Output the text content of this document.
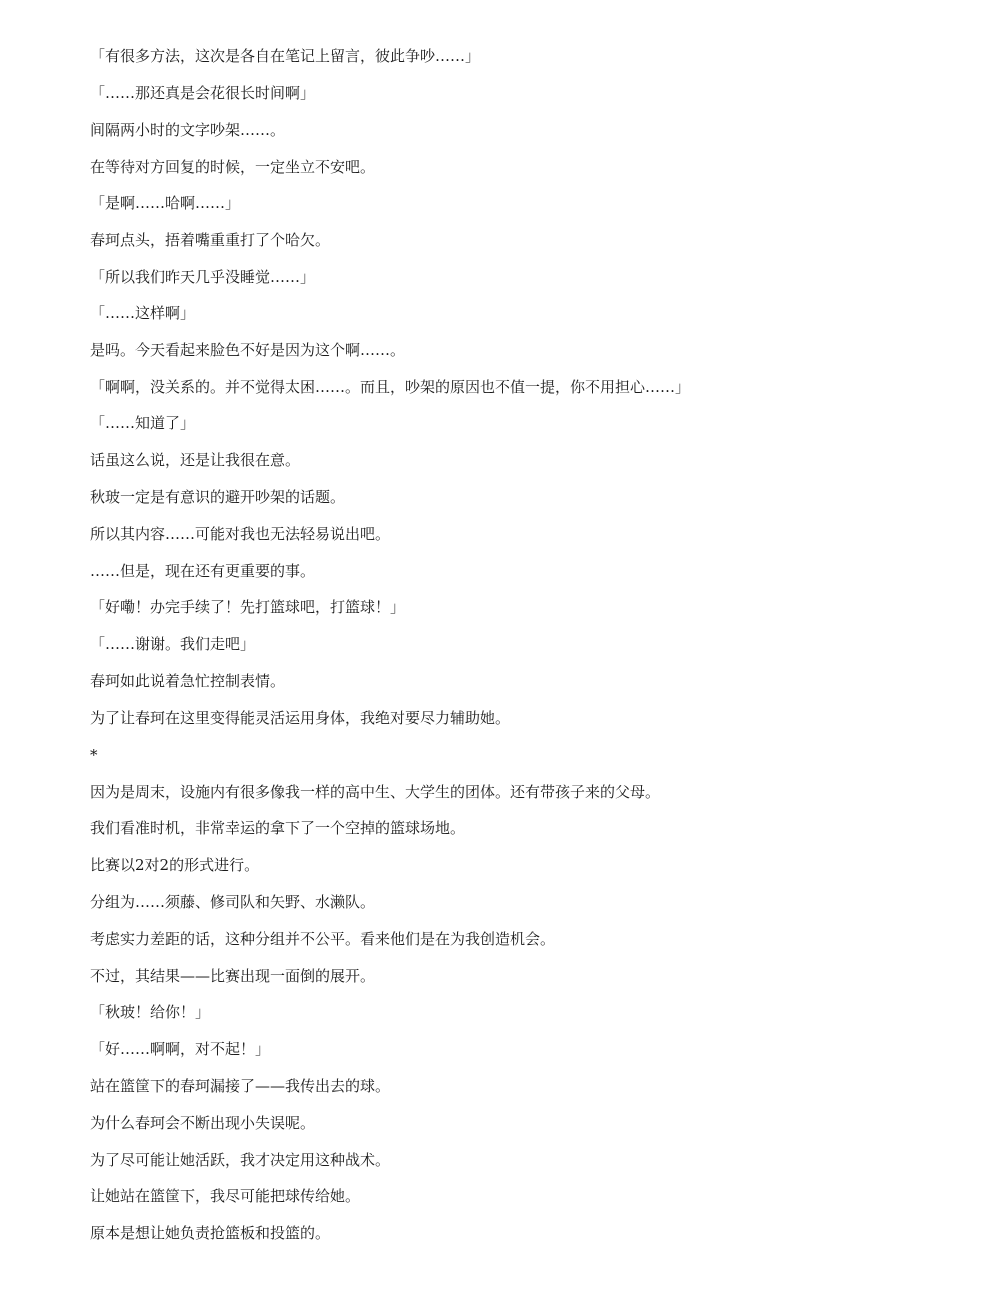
「有很多方法，这次是各自在笔记上留言，彼此争吵……」

「……那还真是会花很长时间啊」

间隔两小时的文字吵架……。

在等待对方回复的时候，一定坐立不安吧。

「是啊……哈啊……」

春珂点头，捂着嘴重重打了个哈欠。

「所以我们昨天几乎没睡觉……」

「……这样啊」

是吗。今天看起来脸色不好是因为这个啊……。

「啊啊，没关系的。并不觉得太困……。而且，吵架的原因也不值一提，你不用担心……」

「……知道了」

话虽这么说，还是让我很在意。

秋玻一定是有意识的避开吵架的话题。

所以其内容……可能对我也无法轻易说出吧。

……但是，现在还有更重要的事。

「好嘞！办完手续了！先打篮球吧，打篮球！」

「……谢谢。我们走吧」

春珂如此说着急忙控制表情。

为了让春珂在这里变得能灵活运用身体，我绝对要尽力辅助她。

*

因为是周末，设施内有很多像我一样的高中生、大学生的团体。还有带孩子来的父母。

我们看准时机，非常幸运的拿下了一个空掉的篮球场地。

比赛以2对2的形式进行。

分组为……须藤、修司队和矢野、水濑队。

考虑实力差距的话，这种分组并不公平。看来他们是在为我创造机会。

不过，其结果——比赛出现一面倒的展开。

「秋玻！给你！」

「好……啊啊，对不起！」

站在篮筐下的春珂漏接了——我传出去的球。

为什么春珂会不断出现小失误呢。

为了尽可能让她活跃，我才决定用这种战术。

让她站在篮筐下，我尽可能把球传给她。

原本是想让她负责抢篮板和投篮的。
